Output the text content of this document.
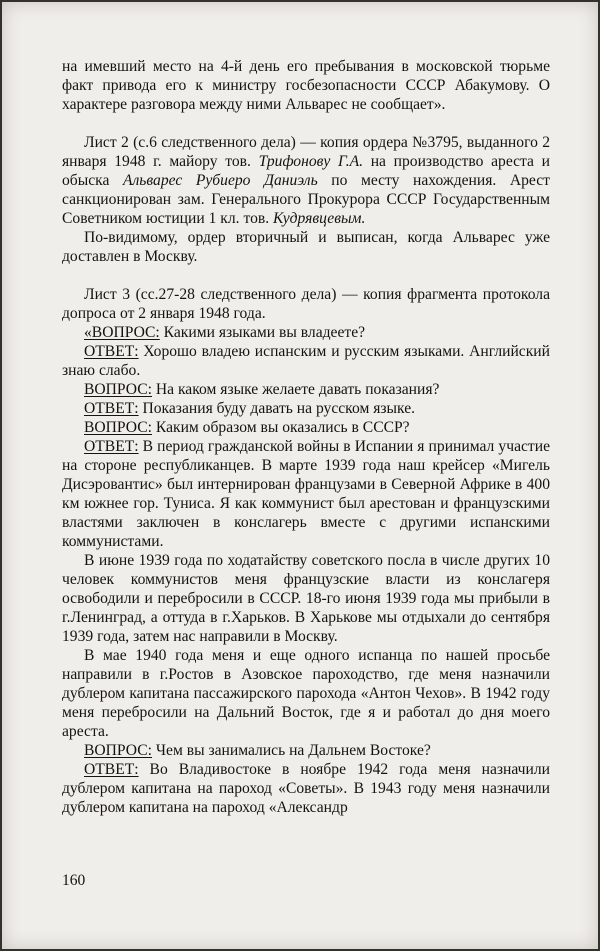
на имевший место на 4-й день его пребывания в московской тюрьме факт привода его к министру госбезопасности СССР Абакумову. О характере разговора между ними Альварес не сообщает».

Лист 2 (с.6 следственного дела) — копия ордера №3795, выданного 2 января 1948 г. майору тов. Трифонову Г.А. на производство ареста и обыска Альварес Рубиеро Даниэль по месту нахождения. Арест санкционирован зам. Генерального Прокурора СССР Государственным Советником юстиции 1 кл. тов. Кудрявцевым.

По-видимому, ордер вторичный и выписан, когда Альварес уже доставлен в Москву.

Лист 3 (сс.27-28 следственного дела) — копия фрагмента протокола допроса от 2 января 1948 года.

«ВОПРОС: Какими языками вы владеете?

ОТВЕТ: Хорошо владею испанским и русским языками. Английский знаю слабо.

ВОПРОС: На каком языке желаете давать показания?

ОТВЕТ: Показания буду давать на русском языке.

ВОПРОС: Каким образом вы оказались в СССР?

ОТВЕТ: В период гражданской войны в Испании я принимал участие на стороне республиканцев. В марте 1939 года наш крейсер «Мигель Дисэровантис» был интернирован французами в Северной Африке в 400 км южнее гор. Туниса. Я как коммунист был арестован и французскими властями заключен в конслагерь вместе с другими испанскими коммунистами.

В июне 1939 года по ходатайству советского посла в числе других 10 человек коммунистов меня французские власти из конслагеря освободили и перебросили в СССР. 18-го июня 1939 года мы прибыли в г.Ленинград, а оттуда в г.Харьков. В Харькове мы отдыхали до сентября 1939 года, затем нас направили в Москву.

В мае 1940 года меня и еще одного испанца по нашей просьбе направили в г.Ростов в Азовское пароходство, где меня назначили дублером капитана пассажирского парохода «Антон Чехов». В 1942 году меня перебросили на Дальний Восток, где я и работал до дня моего ареста.

ВОПРОС: Чем вы занимались на Дальнем Востоке?

ОТВЕТ: Во Владивостоке в ноябре 1942 года меня назначили дублером капитана на пароход «Советы». В 1943 году меня назначили дублером капитана на пароход «Александр

160
